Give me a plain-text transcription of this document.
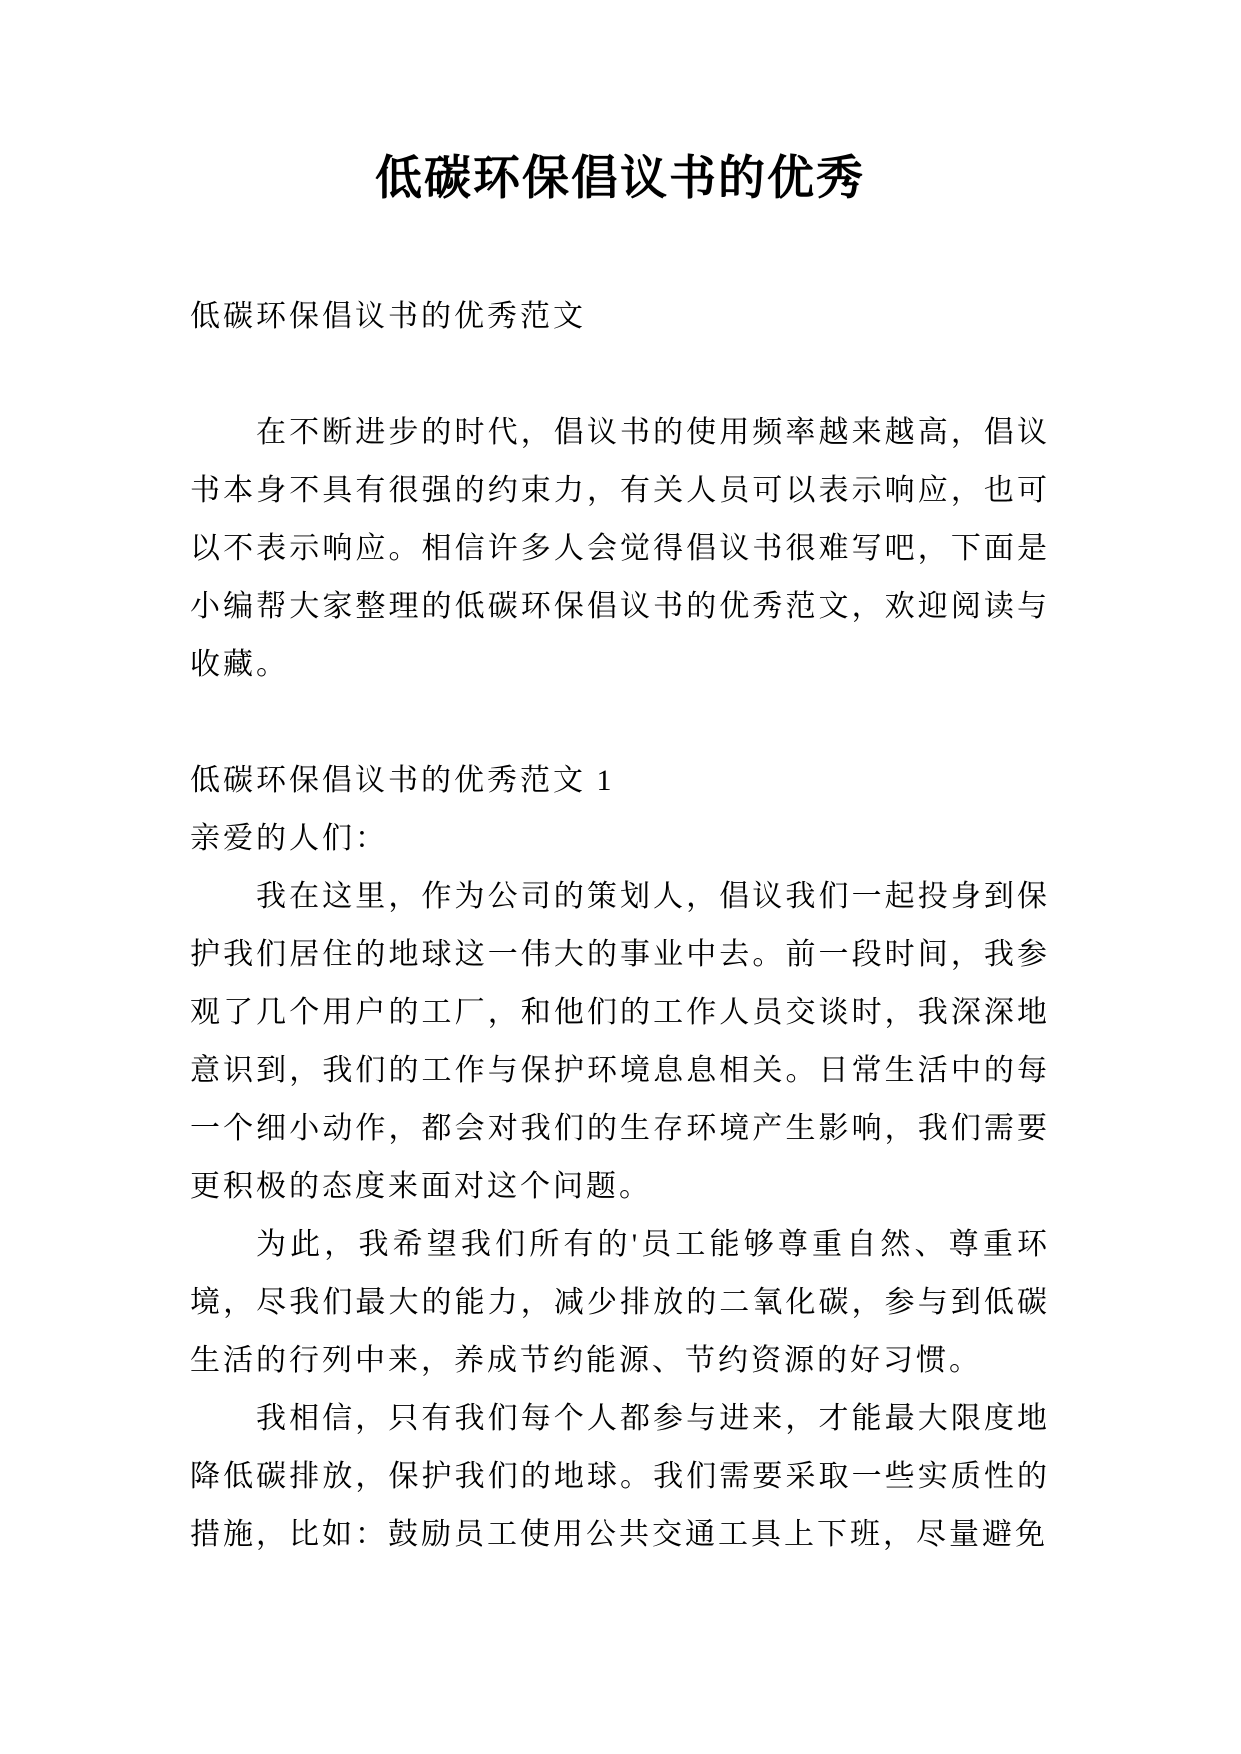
低碳环保倡议书的优秀

低碳环保倡议书的优秀范文

在不断进步的时代，倡议书的使用频率越来越高，倡议书本身不具有很强的约束力，有关人员可以表示响应，也可以不表示响应。相信许多人会觉得倡议书很难写吧，下面是小编帮大家整理的低碳环保倡议书的优秀范文，欢迎阅读与收藏。

低碳环保倡议书的优秀范文 1

亲爱的人们：

我在这里，作为公司的策划人，倡议我们一起投身到保护我们居住的地球这一伟大的事业中去。前一段时间，我参观了几个用户的工厂，和他们的工作人员交谈时，我深深地意识到，我们的工作与保护环境息息相关。日常生活中的每一个细小动作，都会对我们的生存环境产生影响，我们需要更积极的态度来面对这个问题。

为此，我希望我们所有的'员工能够尊重自然、尊重环境，尽我们最大的能力，减少排放的二氧化碳，参与到低碳生活的行列中来，养成节约能源、节约资源的好习惯。

我相信，只有我们每个人都参与进来，才能最大限度地降低碳排放，保护我们的地球。我们需要采取一些实质性的措施，比如：鼓励员工使用公共交通工具上下班，尽量避免
